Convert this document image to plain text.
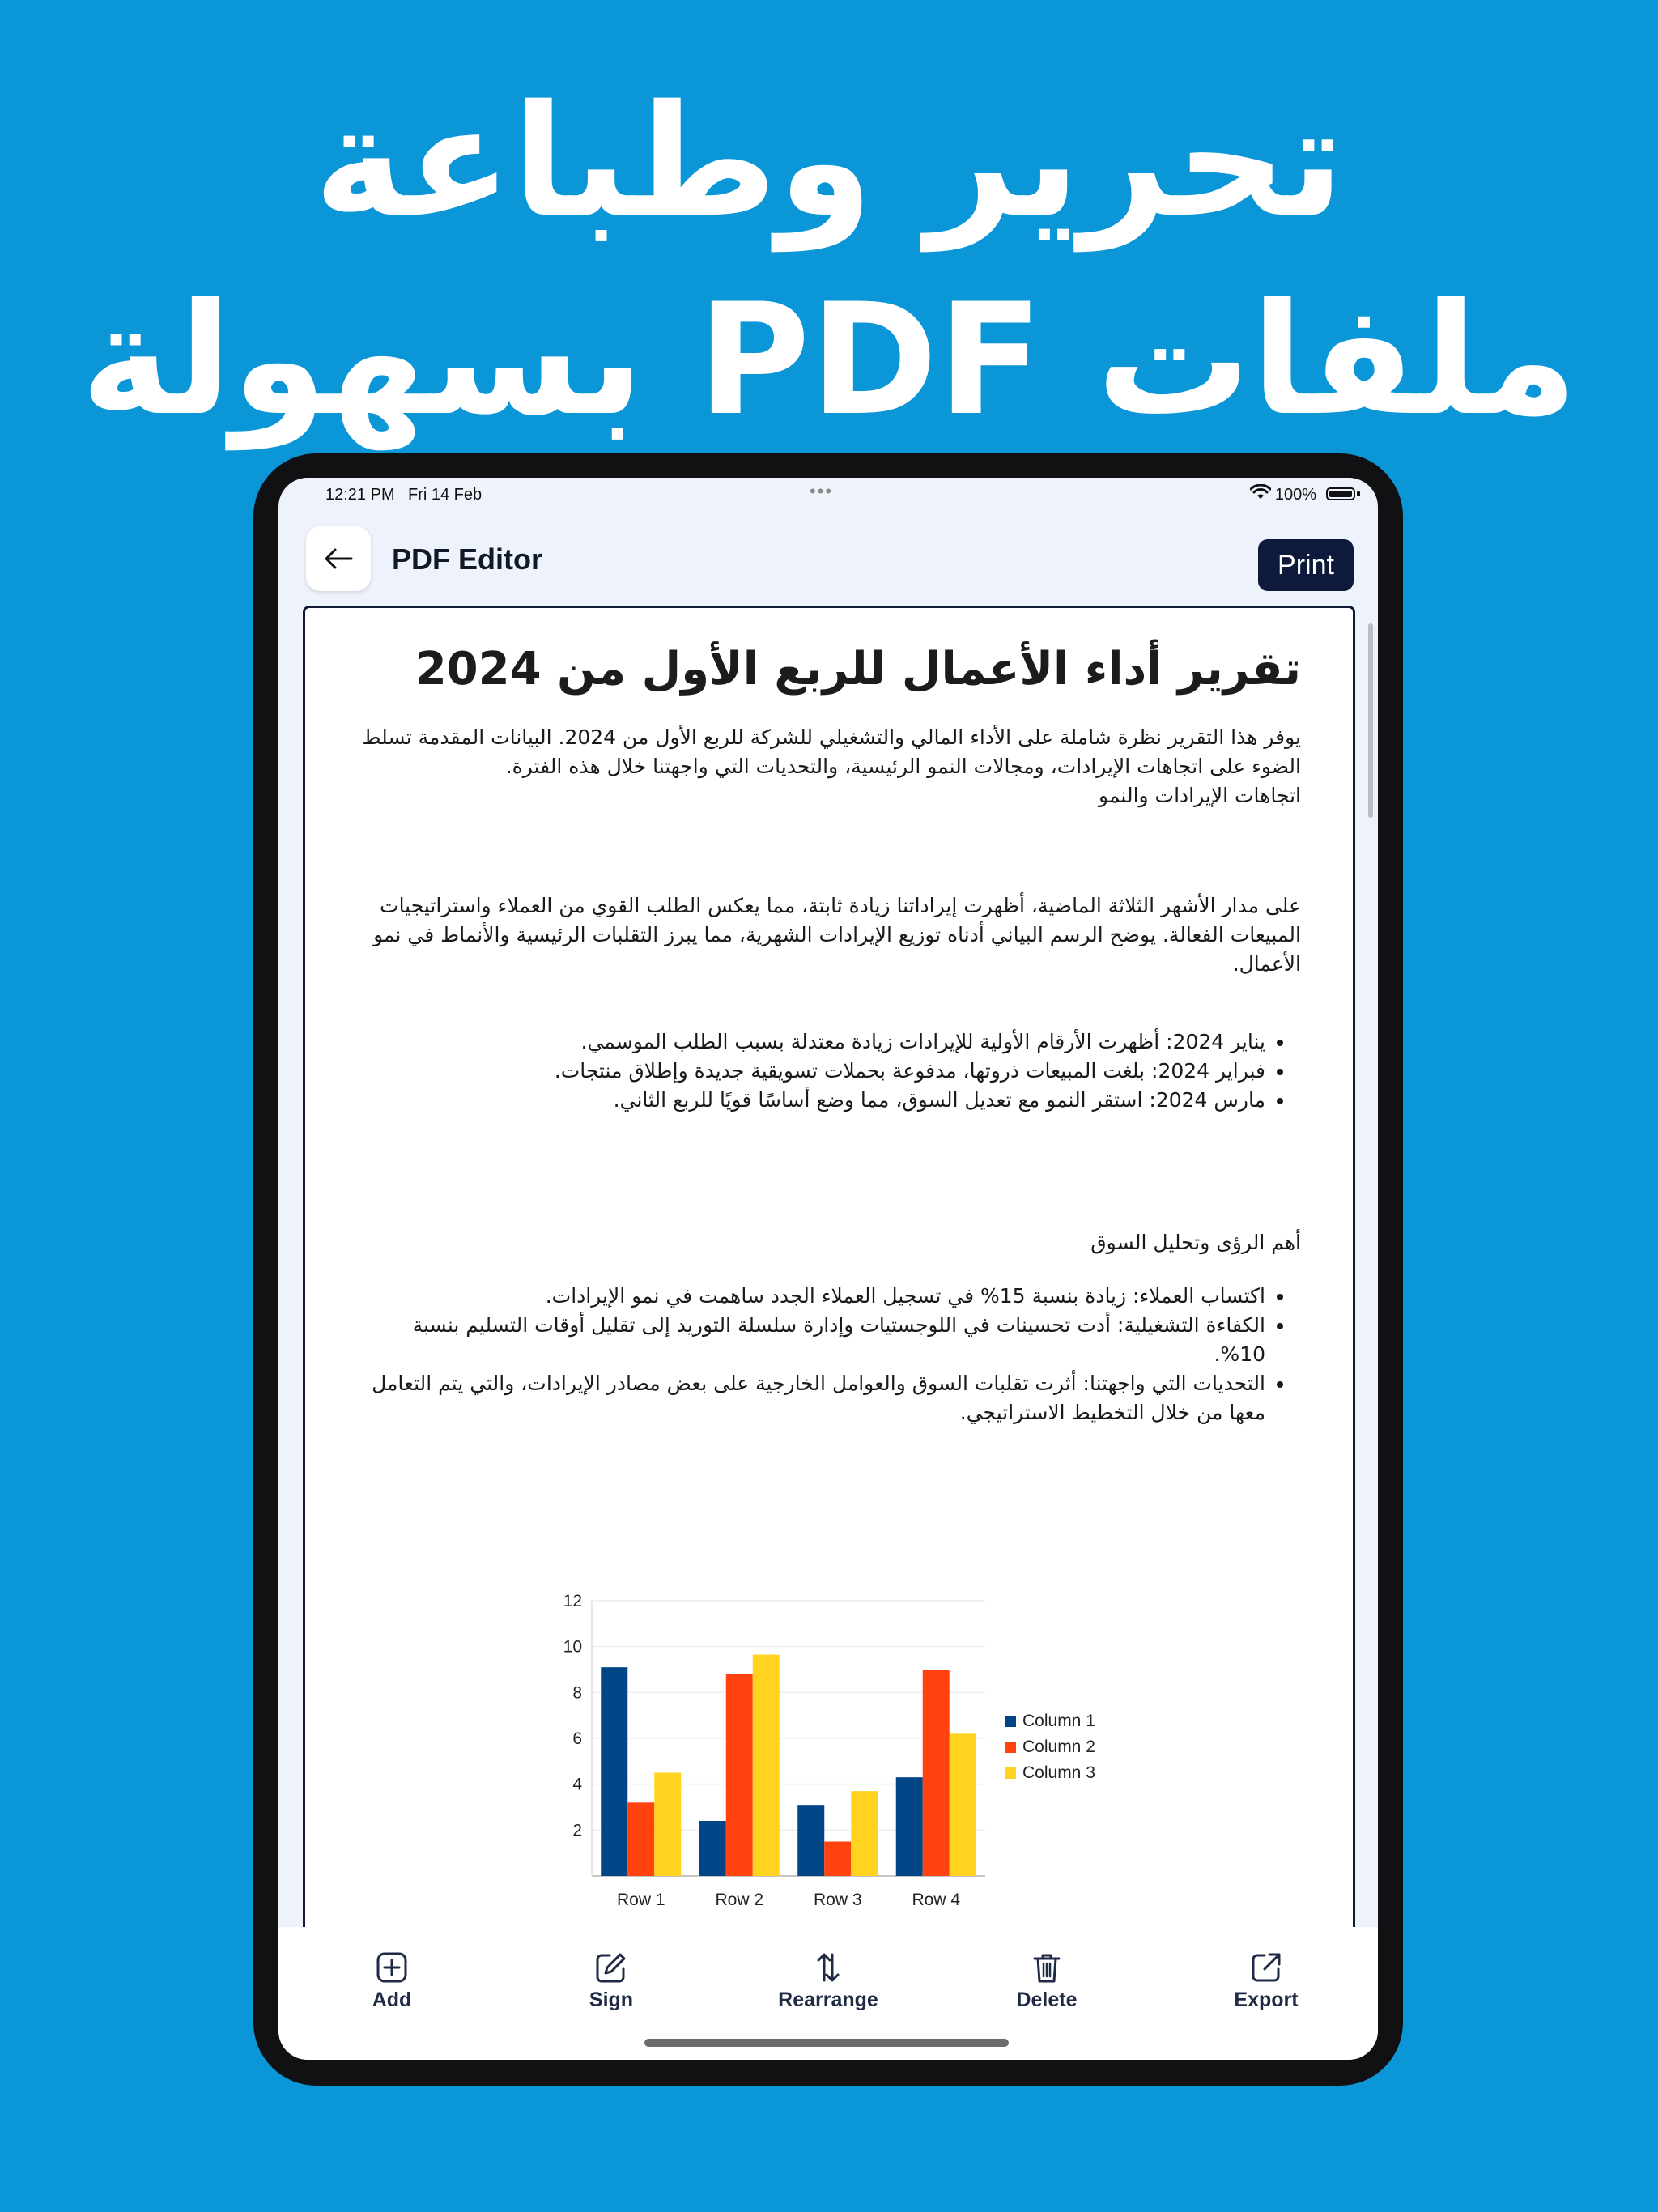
تحرير وطباعة
ملفات PDF بسهولة
12:21 PM Fri 14 Feb	•••	100%
PDF Editor	Print
تقرير أداء الأعمال للربع الأول من 2024

يوفر هذا التقرير نظرة شاملة على الأداء المالي والتشغيلي للشركة للربع الأول من 2024. البيانات المقدمة تسلط الضوء على اتجاهات الإيرادات، ومجالات النمو الرئيسية، والتحديات التي واجهتنا خلال هذه الفترة.

اتجاهات الإيرادات والنمو

على مدار الأشهر الثلاثة الماضية، أظهرت إيراداتنا زيادة ثابتة، مما يعكس الطلب القوي من العملاء واستراتيجيات المبيعات الفعالة. يوضح الرسم البياني أدناه توزيع الإيرادات الشهرية، مما يبرز التقلبات الرئيسية والأنماط في نمو الأعمال.

• يناير 2024: أظهرت الأرقام الأولية للإيرادات زيادة معتدلة بسبب الطلب الموسمي.
• فبراير 2024: بلغت المبيعات ذروتها، مدفوعة بحملات تسويقية جديدة وإطلاق منتجات.
• مارس 2024: استقر النمو مع تعديل السوق، مما وضع أساسًا قويًا للربع الثاني.

أهم الرؤى وتحليل السوق

• اكتساب العملاء: زيادة بنسبة 15% في تسجيل العملاء الجدد ساهمت في نمو الإيرادات.
• الكفاءة التشغيلية: أدت تحسينات في اللوجستيات وإدارة سلسلة التوريد إلى تقليل أوقات التسليم بنسبة 10%.
• التحديات التي واجهتنا: أثرت تقلبات السوق والعوامل الخارجية على بعض مصادر الإيرادات، والتي يتم التعامل معها من خلال التخطيط الاستراتيجي.
2
4
6
8
10
12
Row 1	Row 2	Row 3	Row 4
Column 1
Column 2
Column 3
Add	Sign	Rearrange	Delete	Export
